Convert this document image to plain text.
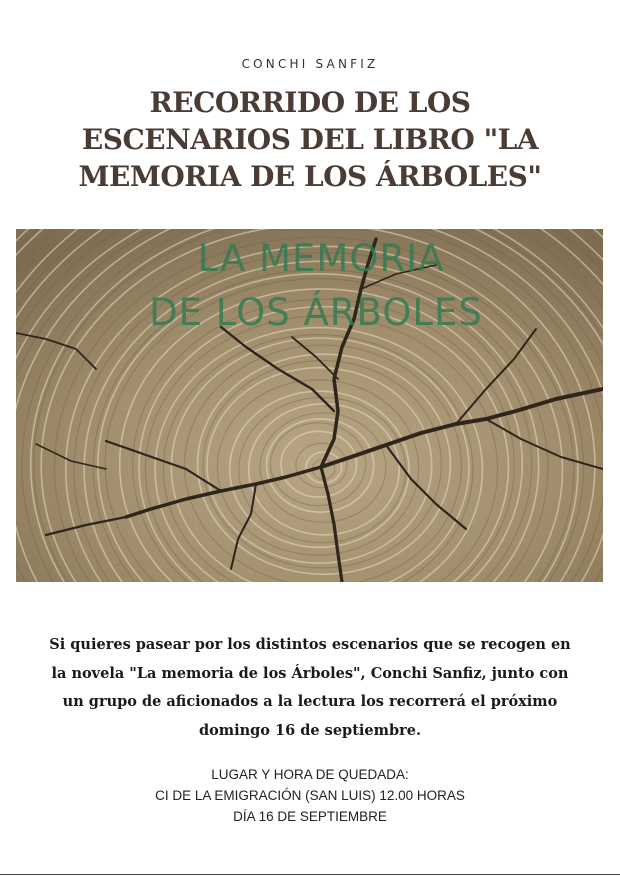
CONCHI SANFIZ
RECORRIDO DE LOS
ESCENARIOS DEL LIBRO "LA
MEMORIA DE LOS ÁRBOLES"
LA MEMORIA
DE LOS ÁRBOLES

Si quieres pasear por los distintos escenarios que se recogen en
la novela "La memoria de los Árboles", Conchi Sanfiz, junto con
un grupo de aficionados a la lectura los recorrerá el próximo
domingo 16 de septiembre.

LUGAR Y HORA DE QUEDADA:
CI DE LA EMIGRACIÓN (SAN LUIS) 12.00 HORAS
DÍA 16 DE SEPTIEMBRE
